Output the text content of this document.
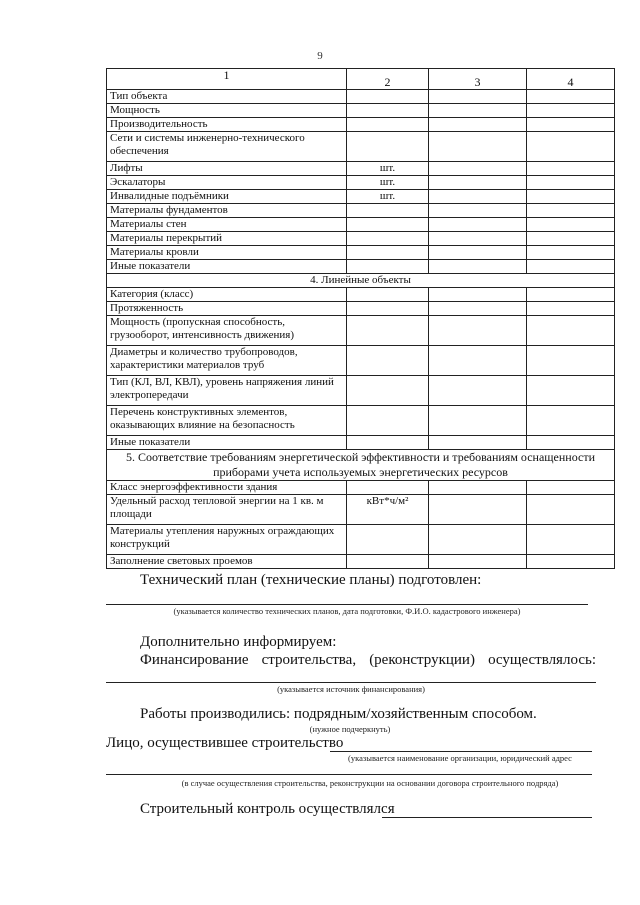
9
1	2	3	4
Тип объекта			
Мощность			
Производительность			
Сети и системы инженерно-технического обеспечения			
Лифты	шт.		
Эскалаторы	шт.		
Инвалидные подъёмники	шт.		
Материалы фундаментов			
Материалы стен			
Материалы перекрытий			
Материалы кровли			
Иные показатели			
4. Линейные объекты			
Категория (класс)			
Протяженность			
Мощность (пропускная способность, грузооборот, интенсивность движения)			
Диаметры и количество трубопроводов, характеристики материалов труб			
Тип (КЛ, ВЛ, КВЛ), уровень напряжения линий электропередачи			
Перечень конструктивных элементов, оказывающих влияние на безопасность			
Иные показатели			
5. Соответствие требованиям энергетической эффективности и требованиям оснащенности приборами учета используемых энергетических ресурсов			
Класс энергоэффективности здания			
Удельный расход тепловой энергии на 1 кв. м площади	кВт*ч/м²		
Материалы утепления наружных ограждающих конструкций			
Заполнение световых проемов			
Технический план (технические планы) подготовлен:
(указывается количество технических планов, дата подготовки, Ф.И.О. кадастрового инженера)
Дополнительно информируем:
Финансирование строительства, (реконструкции) осуществлялось:
(указывается источник финансирования)
Работы производились: подрядным/хозяйственным способом.
(нужное подчеркнуть)
Лицо, осуществившее строительство
(указывается наименование организации, юридический адрес
(в случае осуществления строительства, реконструкции на основании договора строительного подряда)
Строительный контроль осуществлялся
